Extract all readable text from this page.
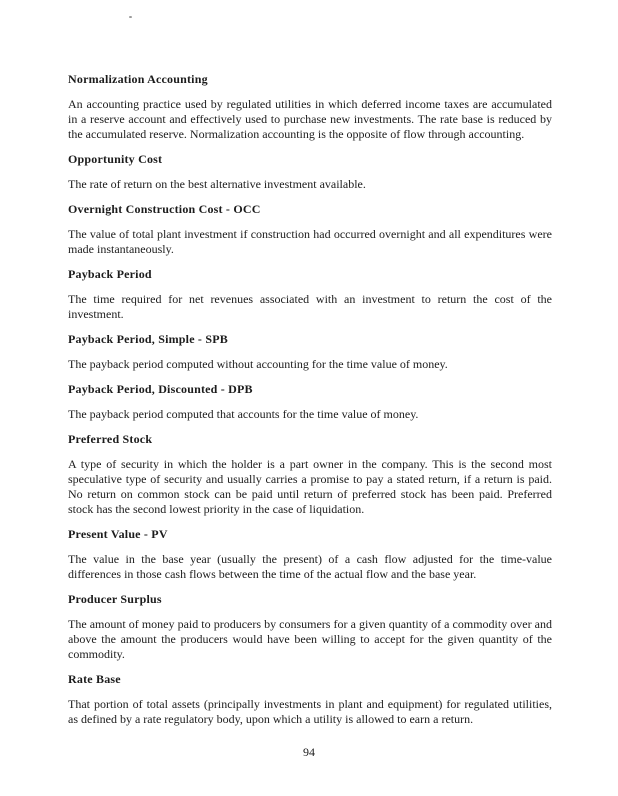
Normalization Accounting

An accounting practice used by regulated utilities in which deferred income taxes are accumulated in a reserve account and effectively used to purchase new investments. The rate base is reduced by the accumulated reserve. Normalization accounting is the opposite of flow through accounting.

Opportunity Cost

The rate of return on the best alternative investment available.

Overnight Construction Cost - OCC

The value of total plant investment if construction had occurred overnight and all expenditures were made instantaneously.

Payback Period

The time required for net revenues associated with an investment to return the cost of the investment.

Payback Period, Simple - SPB

The payback period computed without accounting for the time value of money.

Payback Period, Discounted - DPB

The payback period computed that accounts for the time value of money.

Preferred Stock

A type of security in which the holder is a part owner in the company. This is the second most speculative type of security and usually carries a promise to pay a stated return, if a return is paid. No return on common stock can be paid until return of preferred stock has been paid. Preferred stock has the second lowest priority in the case of liquidation.

Present Value - PV

The value in the base year (usually the present) of a cash flow adjusted for the time-value differences in those cash flows between the time of the actual flow and the base year.

Producer Surplus

The amount of money paid to producers by consumers for a given quantity of a commodity over and above the amount the producers would have been willing to accept for the given quantity of the commodity.

Rate Base

That portion of total assets (principally investments in plant and equipment) for regulated utilities, as defined by a rate regulatory body, upon which a utility is allowed to earn a return.

94
